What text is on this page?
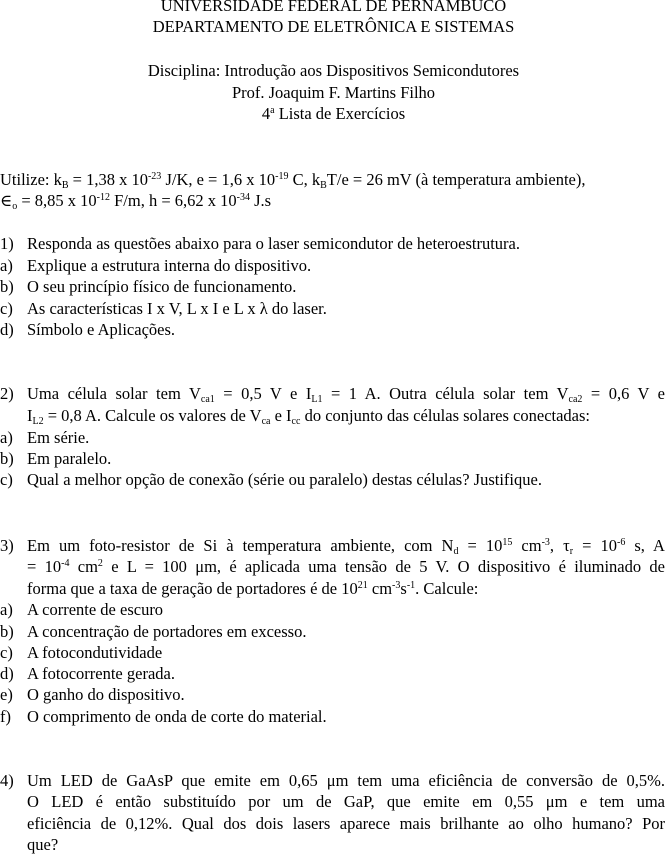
UNIVERSIDADE FEDERAL DE PERNAMBUCO
DEPARTAMENTO DE ELETRÔNICA E SISTEMAS
Disciplina: Introdução aos Dispositivos Semicondutores
Prof. Joaquim F. Martins Filho
4$^a$ Lista de Exercícios
Utilize: $k_B = 1,38$ x $10^{-23}$ J/K, e = 1,6 x $10^{-19}$ C, $k_BT/e = 26$ mV (à temperatura ambiente),
$\in_o = 8,85$ x $10^{-12}$ F/m, h = 6,62 x $10^{-34}$ J.s
1) Responda as questões abaixo para o laser semicondutor de heteroestrutura.
a) Explique a estrutura interna do dispositivo.
b) O seu princípio físico de funcionamento.
c) As características I x V, L x I e L x λ do laser.
d) Símbolo e Aplicações.
2) Uma célula solar tem $V_{ca1} = 0,5$ V e $I_{L1} = 1$ A. Outra célula solar tem $V_{ca2} = 0,6$ V e
$I_{L2} = 0,8$ A. Calcule os valores de $V_{ca}$ e $I_{cc}$ do conjunto das células solares conectadas:
a) Em série.
b) Em paralelo.
c) Qual a melhor opção de conexão (série ou paralelo) destas células? Justifique.
3) Em um foto-resistor de Si à temperatura ambiente, com $N_d = 10^{15}$ $cm^{-3}$, $\tau_r = 10^{-6}$ s, A
= $10^{-4}$ $cm^2$ e L = 100 μm, é aplicada uma tensão de 5 V. O dispositivo é iluminado de
forma que a taxa de geração de portadores é de $10^{21}$ $cm^{-3}s^{-1}$. Calcule:
a) A corrente de escuro
b) A concentração de portadores em excesso.
c) A fotocondutividade
d) A fotocorrente gerada.
e) O ganho do dispositivo.
f) O comprimento de onda de corte do material.
4) Um LED de GaAsP que emite em 0,65 μm tem uma eficiência de conversão de 0,5%.
O LED é então substituído por um de GaP, que emite em 0,55 μm e tem uma
eficiência de 0,12%. Qual dos dois lasers aparece mais brilhante ao olho humano? Por
que?
